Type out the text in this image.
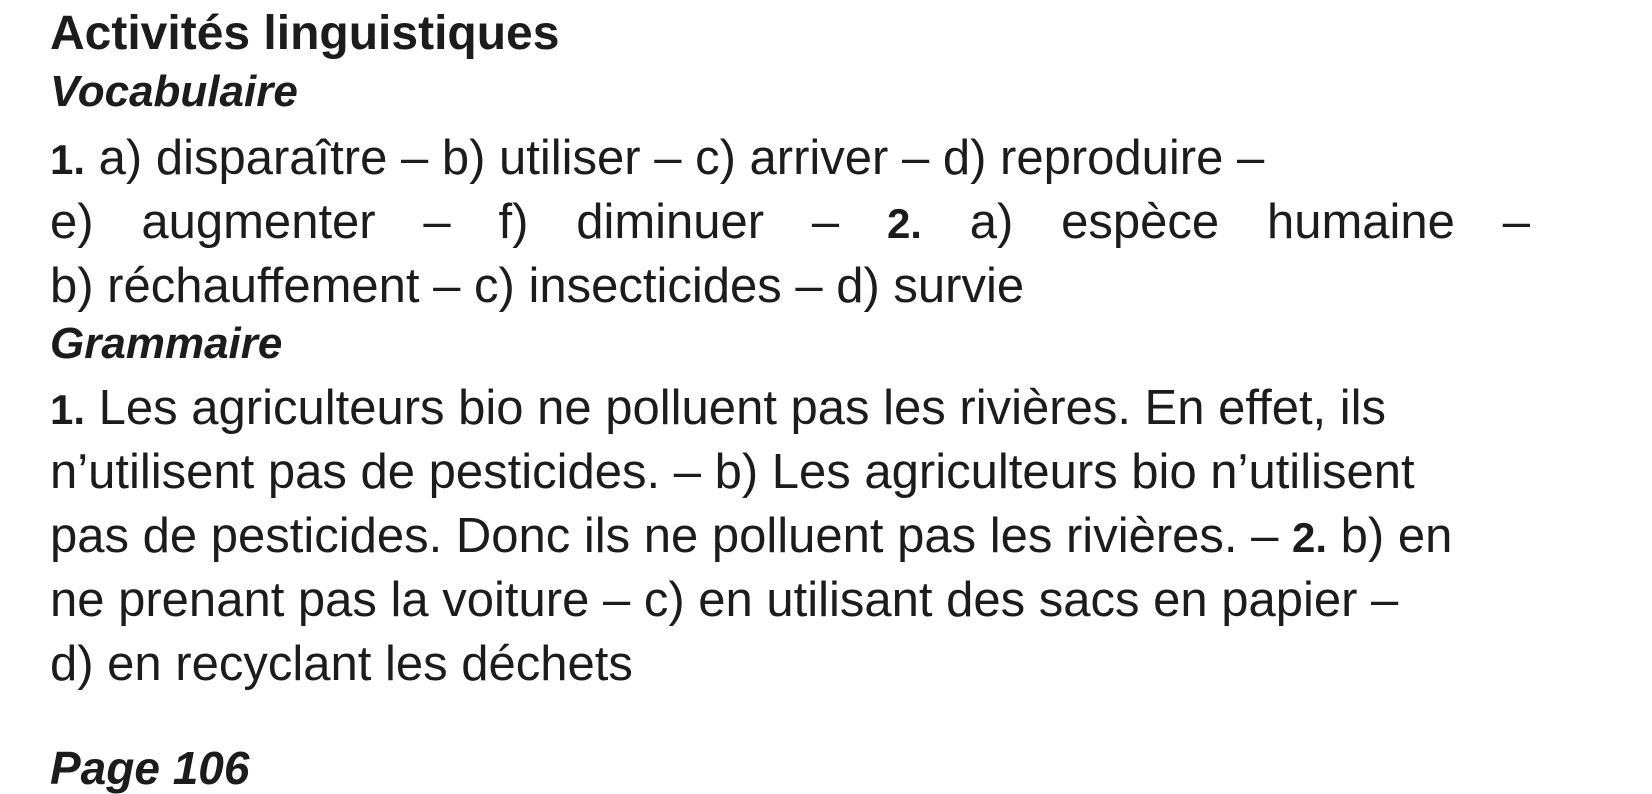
Activités linguistiques
Vocabulaire
1. a) disparaître – b) utiliser – c) arriver – d) reproduire –
e) augmenter – f) diminuer – 2. a) espèce humaine –
b) réchauffement – c) insecticides – d) survie
Grammaire
1. Les agriculteurs bio ne polluent pas les rivières. En effet, ils
n’utilisent pas de pesticides. – b) Les agriculteurs bio n’utilisent
pas de pesticides. Donc ils ne polluent pas les rivières. – 2. b) en
ne prenant pas la voiture – c) en utilisant des sacs en papier –
d) en recyclant les déchets
Page 106
